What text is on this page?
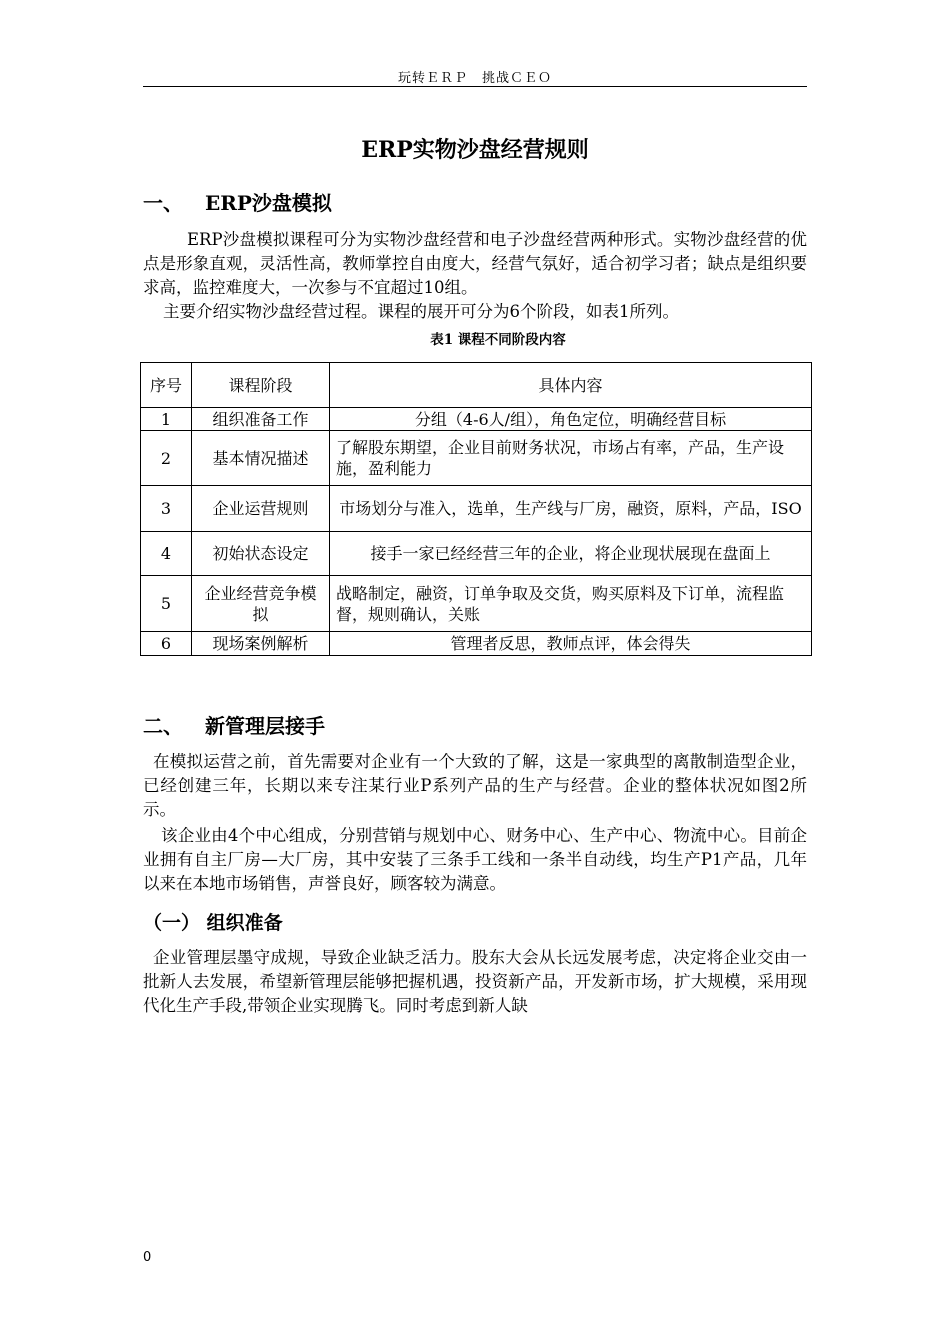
玩转ＥＲＰ　挑战ＣＥＯ
ERP实物沙盘经营规则
一、 ERP沙盘模拟
ERP沙盘模拟课程可分为实物沙盘经营和电子沙盘经营两种形式。实物沙盘经营的优点是形象直观，灵活性高，教师掌控自由度大，经营气氛好，适合初学习者；缺点是组织要求高，监控难度大，一次参与不宜超过10组。
主要介绍实物沙盘经营过程。课程的展开可分为6个阶段，如表1所列。
表1 课程不同阶段内容
序号	课程阶段	具体内容
1	组织准备工作	分组（4-6人/组），角色定位，明确经营目标
2	基本情况描述	了解股东期望，企业目前财务状况，市场占有率，产品，生产设施，盈利能力
3	企业运营规则	市场划分与准入，选单，生产线与厂房，融资，原料，产品，ISO
4	初始状态设定	接手一家已经经营三年的企业，将企业现状展现在盘面上
5	企业经营竞争模拟	战略制定，融资，订单争取及交货，购买原料及下订单，流程监督，规则确认，关账
6	现场案例解析	管理者反思，教师点评，体会得失
二、 新管理层接手
在模拟运营之前，首先需要对企业有一个大致的了解，这是一家典型的离散制造型企业，已经创建三年，长期以来专注某行业P系列产品的生产与经营。企业的整体状况如图2所示。
该企业由4个中心组成，分别营销与规划中心、财务中心、生产中心、物流中心。目前企业拥有自主厂房—大厂房，其中安装了三条手工线和一条半自动线，均生产P1产品，几年以来在本地市场销售，声誉良好，顾客较为满意。
（一） 组织准备
企业管理层墨守成规，导致企业缺乏活力。股东大会从长远发展考虑，决定将企业交由一批新人去发展，希望新管理层能够把握机遇，投资新产品，开发新市场，扩大规模，采用现代化生产手段,带领企业实现腾飞。同时考虑到新人缺
0
